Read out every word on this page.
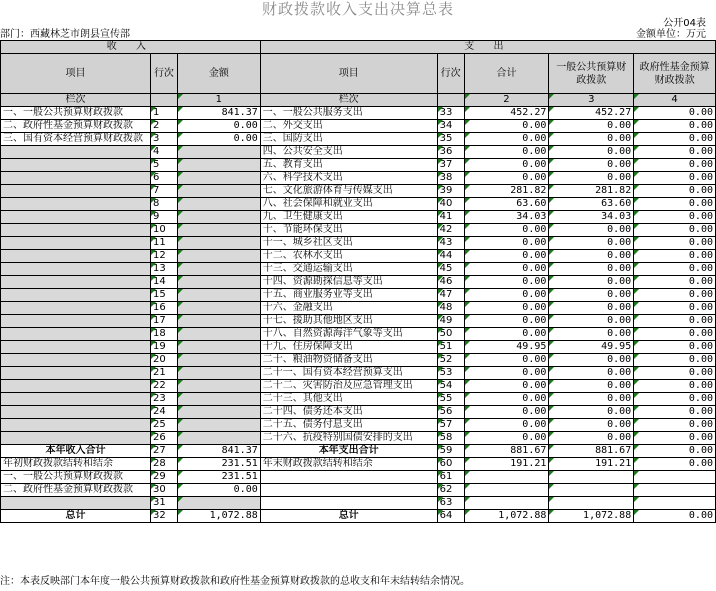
财政拨款收入支出决算总表
公开04表
部门：西藏林芝市朗县宣传部	金额单位：万元
收 入			支 出				
项目	行次	金额	项目	行次	合计	一般公共预算财政拨款	政府性基金预算财政拨款
栏次		1	栏次		2	3	4
一、一般公共预算财政拨款	1	841.37	一、一般公共服务支出	33	452.27	452.27	0.00
二、政府性基金预算财政拨款	2	0.00	二、外交支出	34	0.00	0.00	0.00
三、国有资本经营预算财政拨款	3	0.00	三、国防支出	35	0.00	0.00	0.00
	4		四、公共安全支出	36	0.00	0.00	0.00
	5		五、教育支出	37	0.00	0.00	0.00
	6		六、科学技术支出	38	0.00	0.00	0.00
	7		七、文化旅游体育与传媒支出	39	281.82	281.82	0.00
	8		八、社会保障和就业支出	40	63.60	63.60	0.00
	9		九、卫生健康支出	41	34.03	34.03	0.00
	10		十、节能环保支出	42	0.00	0.00	0.00
	11		十一、城乡社区支出	43	0.00	0.00	0.00
	12		十二、农林水支出	44	0.00	0.00	0.00
	13		十三、交通运输支出	45	0.00	0.00	0.00
	14		十四、资源勘探信息等支出	46	0.00	0.00	0.00
	15		十五、商业服务业等支出	47	0.00	0.00	0.00
	16		十六、金融支出	48	0.00	0.00	0.00
	17		十七、援助其他地区支出	49	0.00	0.00	0.00
	18		十八、自然资源海洋气象等支出	50	0.00	0.00	0.00
	19		十九、住房保障支出	51	49.95	49.95	0.00
	20		二十、粮油物资储备支出	52	0.00	0.00	0.00
	21		二十一、国有资本经营预算支出	53	0.00	0.00	0.00
	22		二十二、灾害防治及应急管理支出	54	0.00	0.00	0.00
	23		二十三、其他支出	55	0.00	0.00	0.00
	24		二十四、债务还本支出	56	0.00	0.00	0.00
	25		二十五、债务付息支出	57	0.00	0.00	0.00
	26		二十六、抗疫特别国债安排的支出	58	0.00	0.00	0.00
本年收入合计	27	841.37	本年支出合计	59	881.67	881.67	0.00
年初财政拨款结转和结余	28	231.51	年末财政拨款结转和结余	60	191.21	191.21	0.00
一、一般公共预算财政拨款	29	231.51		61			
二、政府性基金预算财政拨款	30	0.00		62			
	31			63			
总计	32	1,072.88	总计	64	1,072.88	1,072.88	0.00
注：本表反映部门本年度一般公共预算财政拨款和政府性基金预算财政拨款的总收支和年末结转结余情况。
